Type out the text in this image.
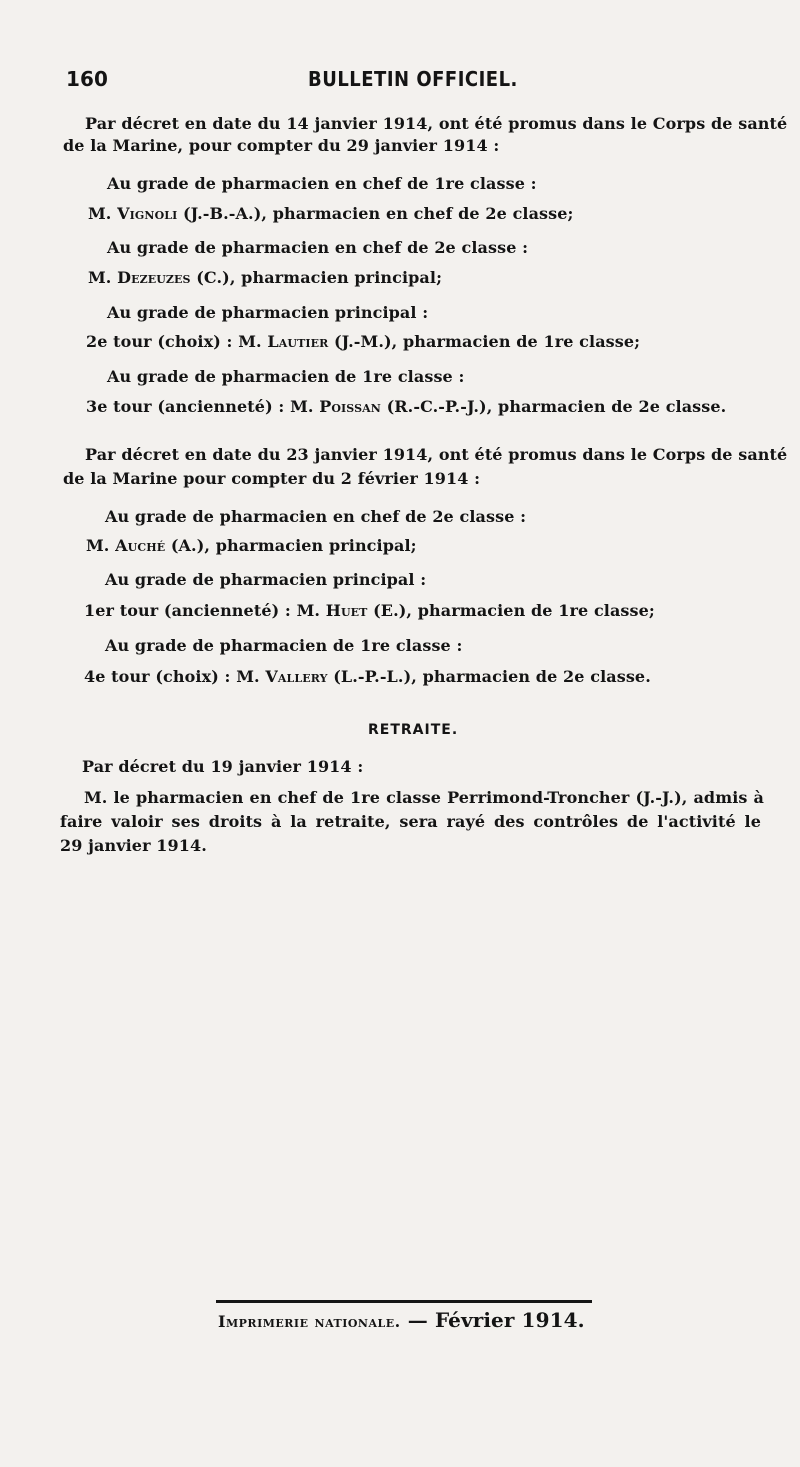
160	BULLETIN OFFICIEL.
Par décret en date du 14 janvier 1914, ont été promus dans le Corps de santé
de la Marine, pour compter du 29 janvier 1914 :
Au grade de pharmacien en chef de 1re classe :
M. Vignoli (J.-B.-A.), pharmacien en chef de 2e classe;
Au grade de pharmacien en chef de 2e classe :
M. Dezeuzes (C.), pharmacien principal;
Au grade de pharmacien principal :
2e tour (choix) : M. Lautier (J.-M.), pharmacien de 1re classe;
Au grade de pharmacien de 1re classe :
3e tour (ancienneté) : M. Poissan (R.-C.-P.-J.), pharmacien de 2e classe.
Par décret en date du 23 janvier 1914, ont été promus dans le Corps de santé
de la Marine pour compter du 2 février 1914 :
Au grade de pharmacien en chef de 2e classe :
M. Auché (A.), pharmacien principal;
Au grade de pharmacien principal :
1er tour (ancienneté) : M. Huet (E.), pharmacien de 1re classe;
Au grade de pharmacien de 1re classe :
4e tour (choix) : M. Vallery (L.-P.-L.), pharmacien de 2e classe.
RETRAITE.
Par décret du 19 janvier 1914 :
M. le pharmacien en chef de 1re classe Perrimond-Troncher (J.-J.), admis à
faire valoir ses droits à la retraite, sera rayé des contrôles de l'activité le
29 janvier 1914.
Imprimerie nationale. — Février 1914.
